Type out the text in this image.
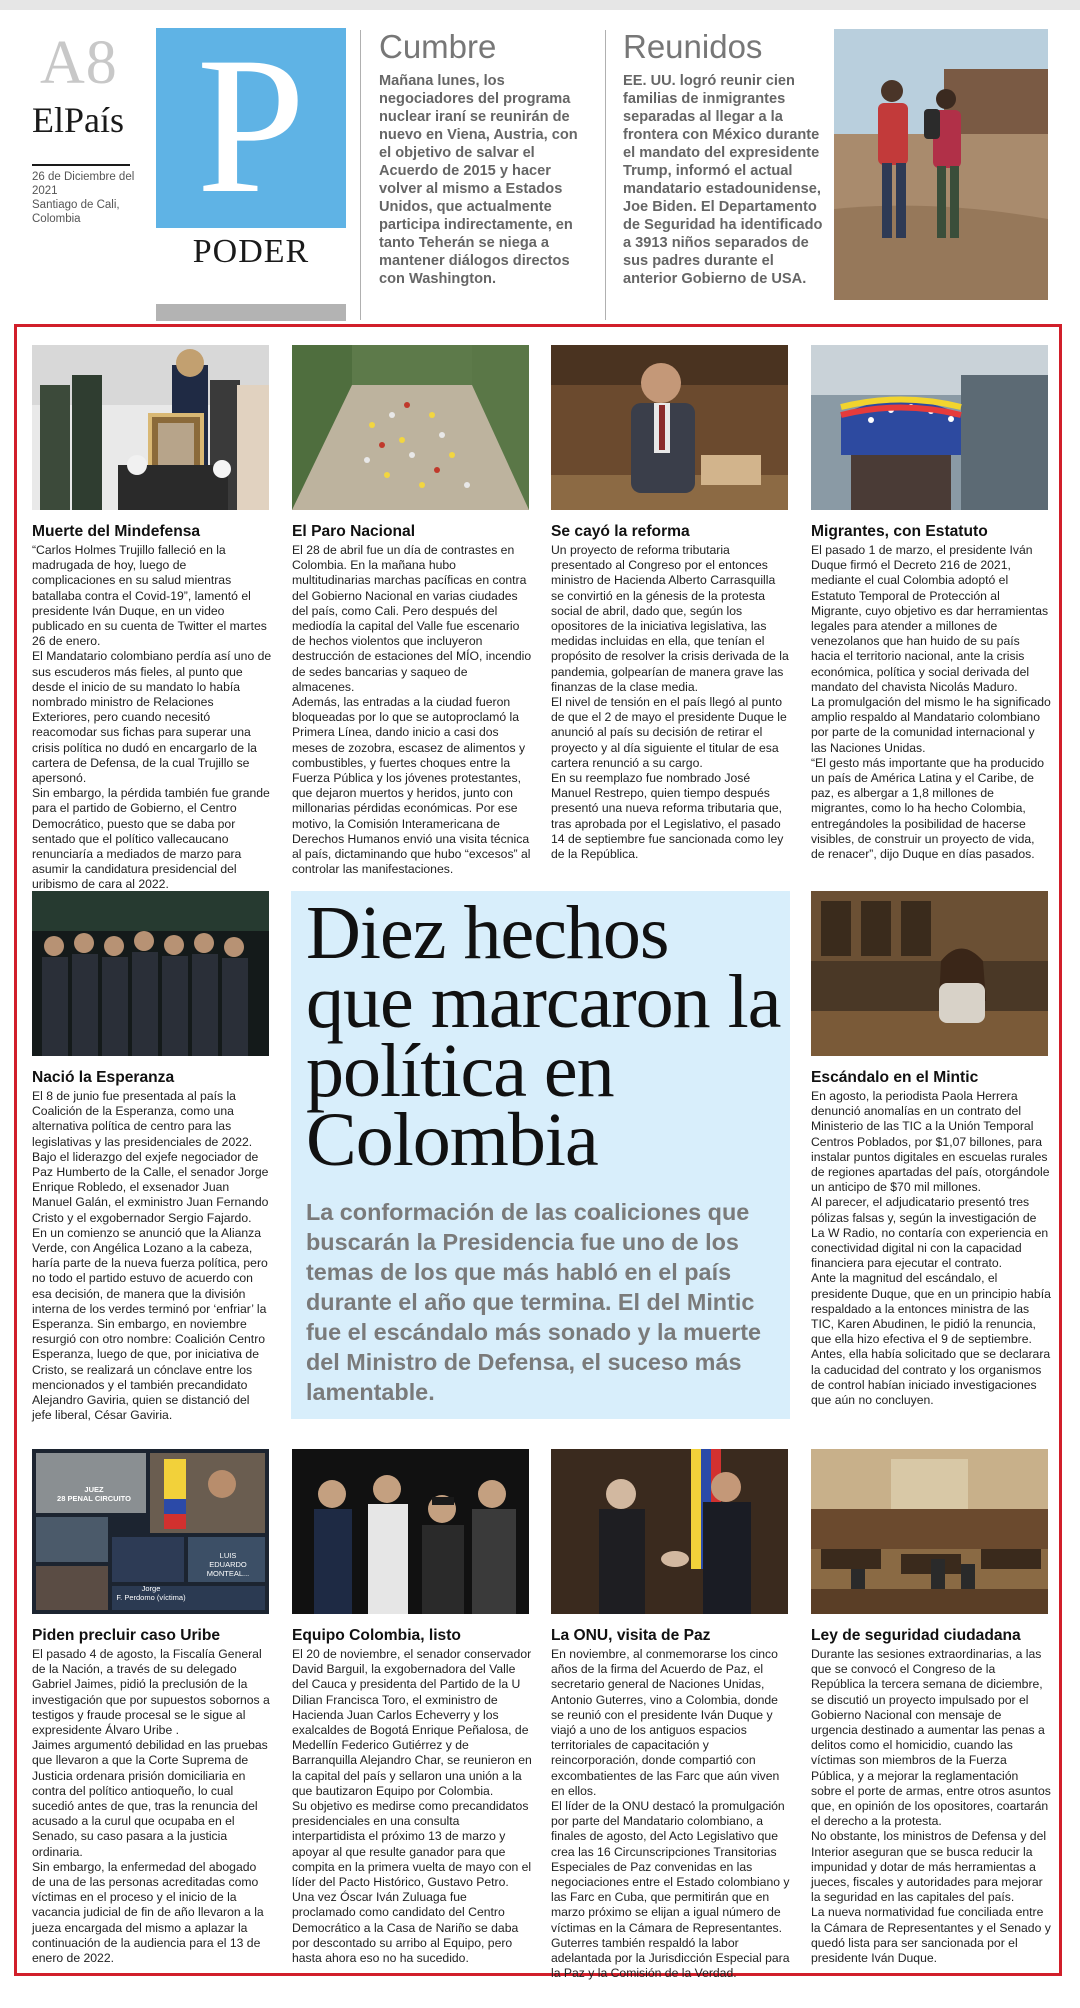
A8
ElPaís
26 de Diciembre del 2021
Santiago de Cali, Colombia P
PODER
Cumbre

Mañana lunes, los negociadores del programa nuclear iraní se reunirán de nuevo en Viena, Austria, con el objetivo de salvar el Acuerdo de 2015 y hacer volver al mismo a Estados Unidos, que actualmente participa indirectamente, en tanto Teherán se niega a mantener diálogos directos con Washington.

Reunidos

EE. UU. logró reunir cien familias de inmigrantes separadas al llegar a la frontera con México durante el mandato del expresidente Trump, informó el actual mandatario estadounidense, Joe Biden. El Departamento de Seguridad ha identificado a 3913 niños separados de sus padres durante el anterior Gobierno de USA.

Muerte del Mindefensa
“Carlos Holmes Trujillo falleció en la madrugada de hoy, luego de complicaciones en su salud mientras batallaba contra el Covid-19”, lamentó el presidente Iván Duque, en un video publicado en su cuenta de Twitter el martes 26 de enero.
El Mandatario colombiano perdía así uno de sus escuderos más fieles, al punto que desde el inicio de su mandato lo había nombrado ministro de Relaciones Exteriores, pero cuando necesitó reacomodar sus fichas para superar una crisis política no dudó en encargarlo de la cartera de Defensa, de la cual Trujillo se apersonó.
Sin embargo, la pérdida también fue grande para el partido de Gobierno, el Centro Democrático, puesto que se daba por sentado que el político vallecaucano renunciaría a mediados de marzo para asumir la candidatura presidencial del uribismo de cara al 2022.
El Paro Nacional
El 28 de abril fue un día de contrastes en Colombia. En la mañana hubo multitudinarias marchas pacíficas en contra del Gobierno Nacional en varias ciudades del país, como Cali. Pero después del mediodía la capital del Valle fue escenario de hechos violentos que incluyeron destrucción de estaciones del MÍO, incendio de sedes bancarias y saqueo de almacenes.
Además, las entradas a la ciudad fueron bloqueadas por lo que se autoproclamó la Primera Línea, dando inicio a casi dos meses de zozobra, escasez de alimentos y combustibles, y fuertes choques entre la Fuerza Pública y los jóvenes protestantes, que dejaron muertos y heridos, junto con millonarias pérdidas económicas. Por ese motivo, la Comisión Interamericana de Derechos Humanos envió una visita técnica al país, dictaminando que hubo “excesos” al controlar las manifestaciones.
Se cayó la reforma
Un proyecto de reforma tributaria presentado al Congreso por el entonces ministro de Hacienda Alberto Carrasquilla se convirtió en la génesis de la protesta social de abril, dado que, según los opositores de la iniciativa legislativa, las medidas incluidas en ella, que tenían el propósito de resolver la crisis derivada de la pandemia, golpearían de manera grave las finanzas de la clase media.
El nivel de tensión en el país llegó al punto de que el 2 de mayo el presidente Duque le anunció al país su decisión de retirar el proyecto y al día siguiente el titular de esa cartera renunció a su cargo.
En su reemplazo fue nombrado José Manuel Restrepo, quien tiempo después presentó una nueva reforma tributaria que, tras aprobada por el Legislativo, el pasado 14 de septiembre fue sancionada como ley de la República.
Migrantes, con Estatuto
El pasado 1 de marzo, el presidente Iván Duque firmó el Decreto 216 de 2021, mediante el cual Colombia adoptó el Estatuto Temporal de Protección al Migrante, cuyo objetivo es dar herramientas legales para atender a millones de venezolanos que han huido de su país hacia el territorio nacional, ante la crisis económica, política y social derivada del mandato del chavista Nicolás Maduro.
La promulgación del mismo le ha significado amplio respaldo al Mandatario colombiano por parte de la comunidad internacional y las Naciones Unidas.
“El gesto más importante que ha producido un país de América Latina y el Caribe, de paz, es albergar a 1,8 millones de migrantes, como lo ha hecho Colombia, entregándoles la posibilidad de hacerse visibles, de construir un proyecto de vida, de renacer”, dijo Duque en días pasados.
Diez hechos que marcaron la política en Colombia
La conformación de las coaliciones que buscarán la Presidencia fue uno de los temas de los que más habló en el país durante el año que termina. El del Mintic fue el escándalo más sonado y la muerte del Ministro de Defensa, el suceso más lamentable.
Nació la Esperanza
El 8 de junio fue presentada al país la Coalición de la Esperanza, como una alternativa política de centro para las legislativas y las presidenciales de 2022.
Bajo el liderazgo del exjefe negociador de Paz Humberto de la Calle, el senador Jorge Enrique Robledo, el exsenador Juan Manuel Galán, el exministro Juan Fernando Cristo y el exgobernador Sergio Fajardo.
En un comienzo se anunció que la Alianza Verde, con Angélica Lozano a la cabeza, haría parte de la nueva fuerza política, pero no todo el partido estuvo de acuerdo con esa decisión, de manera que la división interna de los verdes terminó por ‘enfriar’ la Esperanza. Sin embargo, en noviembre resurgió con otro nombre: Coalición Centro Esperanza, luego de que, por iniciativa de Cristo, se realizará un cónclave entre los mencionados y el también precandidato Alejandro Gaviria, quien se distanció del jefe liberal, César Gaviria.
Escándalo en el Mintic
En agosto, la periodista Paola Herrera denunció anomalías en un contrato del Ministerio de las TIC a la Unión Temporal Centros Poblados, por $1,07 billones, para instalar puntos digitales en escuelas rurales de regiones apartadas del país, otorgándole un anticipo de $70 mil millones.
Al parecer, el adjudicatario presentó tres pólizas falsas y, según la investigación de La W Radio, no contaría con experiencia en conectividad digital ni con la capacidad financiera para ejecutar el contrato.
Ante la magnitud del escándalo, el presidente Duque, que en un principio había respaldado a la entonces ministra de las TIC, Karen Abudinen, le pidió la renuncia, que ella hizo efectiva el 9 de septiembre.
Antes, ella había solicitado que se declarara la caducidad del contrato y los organismos de control habían iniciado investigaciones que aún no concluyen.
JUEZ
28 PENAL CIRCUITO
LUIS
EDUARDO MONTEAL...
Jorge
F. Perdomo (víctima)
Piden precluir caso Uribe
El pasado 4 de agosto, la Fiscalía General de la Nación, a través de su delegado Gabriel Jaimes, pidió la preclusión de la investigación que por supuestos sobornos a testigos y fraude procesal se le sigue al expresidente Álvaro Uribe .
Jaimes argumentó debilidad en las pruebas que llevaron a que la Corte Suprema de Justicia ordenara prisión domiciliaria en contra del político antioqueño, lo cual sucedió antes de que, tras la renuncia del acusado a la curul que ocupaba en el Senado, su caso pasara a la justicia ordinaria.
Sin embargo, la enfermedad del abogado de una de las personas acreditadas como víctimas en el proceso y el inicio de la vacancia judicial de fin de año llevaron a la jueza encargada del mismo a aplazar la continuación de la audiencia para el 13 de enero de 2022.
Equipo Colombia, listo
El 20 de noviembre, el senador conservador David Barguil, la exgobernadora del Valle del Cauca y presidenta del Partido de la U Dilian Francisca Toro, el exministro de Hacienda Juan Carlos Echeverry y los exalcaldes de Bogotá Enrique Peñalosa, de Medellín Federico Gutiérrez y de Barranquilla Alejandro Char, se reunieron en la capital del país y sellaron una unión a la que bautizaron Equipo por Colombia.
Su objetivo es medirse como precandidatos presidenciales en una consulta interpartidista el próximo 13 de marzo y apoyar al que resulte ganador para que compita en la primera vuelta de mayo con el líder del Pacto Histórico, Gustavo Petro.
Una vez Óscar Iván Zuluaga fue proclamado como candidato del Centro Democrático a la Casa de Nariño se daba por descontado su arribo al Equipo, pero hasta ahora eso no ha sucedido.
La ONU, visita de Paz
En noviembre, al conmemorarse los cinco años de la firma del Acuerdo de Paz, el secretario general de Naciones Unidas, Antonio Guterres, vino a Colombia, donde se reunió con el presidente Iván Duque y viajó a uno de los antiguos espacios territoriales de capacitación y reincorporación, donde compartió con excombatientes de las Farc que aún viven en ellos.
El líder de la ONU destacó la promulgación por parte del Mandatario colombiano, a finales de agosto, del Acto Legislativo que crea las 16 Circunscripciones Transitorias Especiales de Paz convenidas en las negociaciones entre el Estado colombiano y las Farc en Cuba, que permitirán que en marzo próximo se elijan a igual número de víctimas en la Cámara de Representantes.
Guterres también respaldó la labor adelantada por la Jurisdicción Especial para la Paz y la Comisión de la Verdad.
Ley de seguridad ciudadana
Durante las sesiones extraordinarias, a las que se convocó el Congreso de la República la tercera semana de diciembre, se discutió un proyecto impulsado por el Gobierno Nacional con mensaje de urgencia destinado a aumentar las penas a delitos como el homicidio, cuando las víctimas son miembros de la Fuerza Pública, y a mejorar la reglamentación sobre el porte de armas, entre otros asuntos que, en opinión de los opositores, coartarán el derecho a la protesta.
No obstante, los ministros de Defensa y del Interior aseguran que se busca reducir la impunidad y dotar de más herramientas a jueces, fiscales y autoridades para mejorar la seguridad en las capitales del país.
La nueva normatividad fue conciliada entre la Cámara de Representantes y el Senado y quedó lista para ser sancionada por el presidente Iván Duque.
